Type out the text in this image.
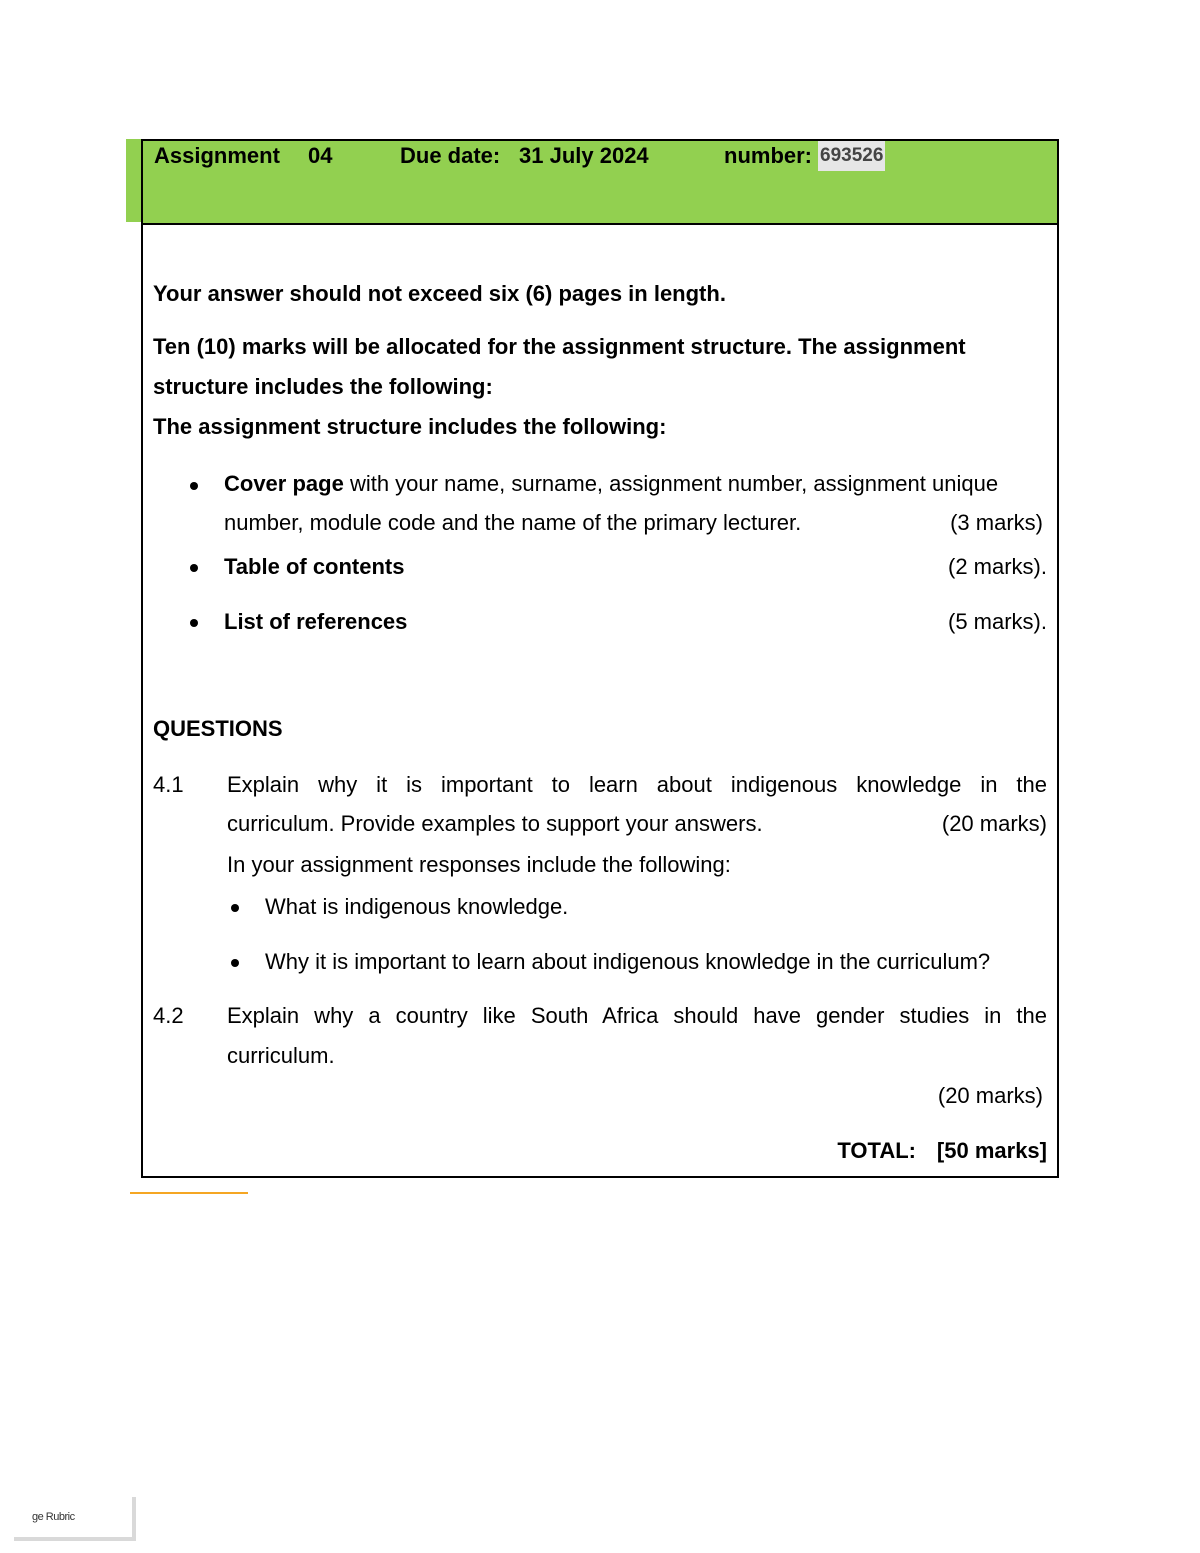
Assignment 04	Due date: 31 July 2024	number: 693526
Your answer should not exceed six (6) pages in length.
Ten (10) marks will be allocated for the assignment structure. The assignment
structure includes the following:
The assignment structure includes the following:
Cover page with your name, surname, assignment number, assignment unique
number, module code and the name of the primary lecturer.	(3 marks)
Table of contents	(2 marks).
List of references	(5 marks).
QUESTIONS
4.1 Explain why it is important to learn about indigenous knowledge in the
curriculum. Provide examples to support your answers.	(20 marks)
In your assignment responses include the following:
What is indigenous knowledge.
Why it is important to learn about indigenous knowledge in the curriculum?
4.2 Explain why a country like South Africa should have gender studies in the
curriculum.
(20 marks)
TOTAL: [50 marks]
ge Rubric
